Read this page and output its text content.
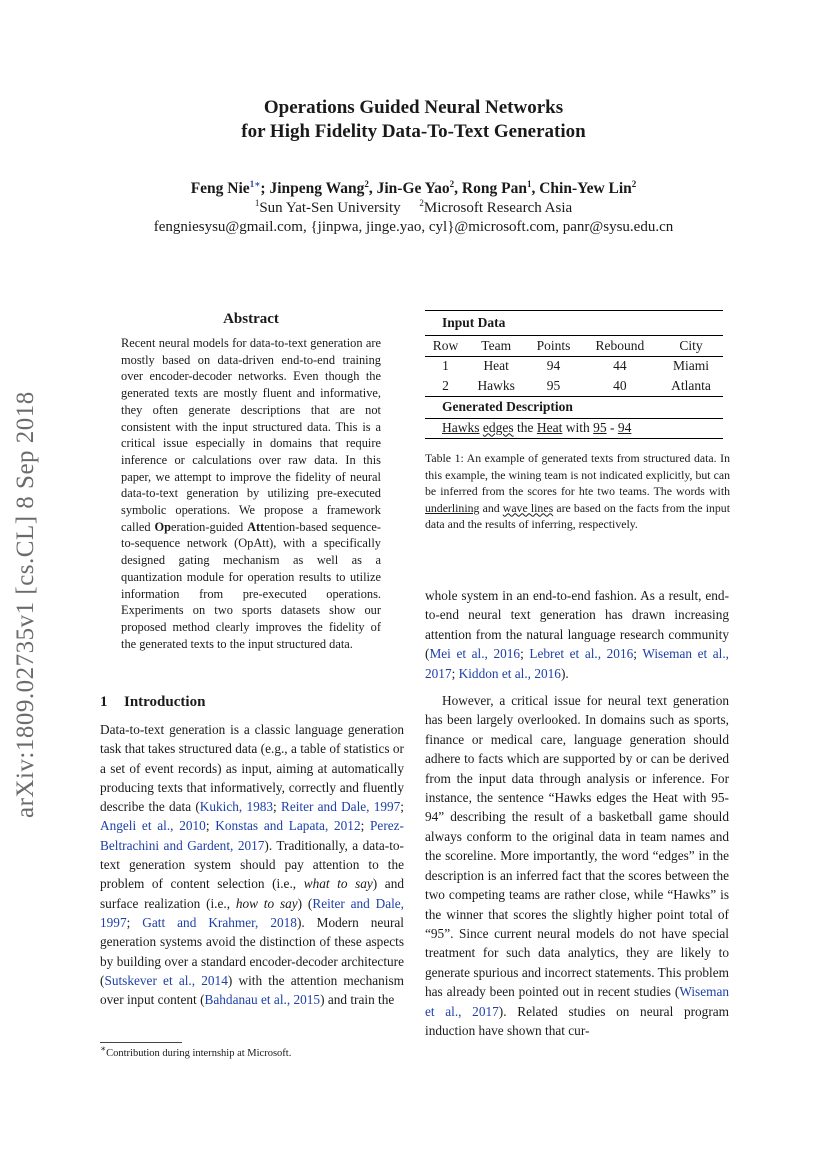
arXiv:1809.02735v1 [cs.CL] 8 Sep 2018
Operations Guided Neural Networks
for High Fidelity Data-To-Text Generation
Feng Nie$^{1∗}$; Jinpeng Wang$^2$, Jin-Ge Yao$^2$, Rong Pan$^1$, Chin-Yew Lin$^2$
$^1$Sun Yat-Sen University $^2$Microsoft Research Asia
fengniesysu@gmail.com, {jinpwa, jinge.yao, cyl}@microsoft.com, panr@sysu.edu.cn
Abstract

Recent neural models for data-to-text generation are mostly based on data-driven end-to-end training over encoder-decoder networks. Even though the generated texts are mostly fluent and informative, they often generate descriptions that are not consistent with the input structured data. This is a critical issue especially in domains that require inference or calculations over raw data. In this paper, we attempt to improve the fidelity of neural data-to-text generation by utilizing pre-executed symbolic operations. We propose a framework called Operation-guided Attention-based sequence-to-sequence network (OpAtt), with a specifically designed gating mechanism as well as a quantization module for operation results to utilize information from pre-executed operations. Experiments on two sports datasets show our proposed method clearly improves the fidelity of the generated texts to the input structured data.

1 Introduction
Data-to-text generation is a classic language generation task that takes structured data (e.g., a table of statistics or a set of event records) as input, aiming at automatically producing texts that informatively, correctly and fluently describe the data (Kukich, 1983; Reiter and Dale, 1997; Angeli et al., 2010; Konstas and Lapata, 2012; Perez-Beltrachini and Gardent, 2017). Traditionally, a data-to-text generation system should pay attention to the problem of content selection (i.e., what to say) and surface realization (i.e., how to say) (Reiter and Dale, 1997; Gatt and Krahmer, 2018). Modern neural generation systems avoid the distinction of these aspects by building over a standard encoder-decoder architecture (Sutskever et al., 2014) with the attention mechanism over input content (Bahdanau et al., 2015) and train the
∗Contribution during internship at Microsoft.
Input Data
Row	Team	Points	Rebound	City

1	Heat	94	44	Miami
2	Hawks	95	40	Atlanta
Generated Description
Hawks edges the Heat with 95 - 94
Table 1: An example of generated texts from structured data. In this example, the wining team is not indicated explicitly, but can be inferred from the scores for hte two teams. The words with underlining and wave lines are based on the facts from the input data and the results of inferring, respectively.

whole system in an end-to-end fashion. As a result, end-to-end neural text generation has drawn increasing attention from the natural language research community (Mei et al., 2016; Lebret et al., 2016; Wiseman et al., 2017; Kiddon et al., 2016).

However, a critical issue for neural text generation has been largely overlooked. In domains such as sports, finance or medical care, language generation should adhere to facts which are supported by or can be derived from the input data through analysis or inference. For instance, the sentence “Hawks edges the Heat with 95-94” describing the result of a basketball game should always conform to the original data in team names and the scoreline. More importantly, the word “edges” in the description is an inferred fact that the scores between the two competing teams are rather close, while “Hawks” is the winner that scores the slightly higher point total of “95”. Since current neural models do not have special treatment for such data analytics, they are likely to generate spurious and incorrect statements. This problem has already been pointed out in recent studies (Wiseman et al., 2017). Related studies on neural program induction have shown that cur-
